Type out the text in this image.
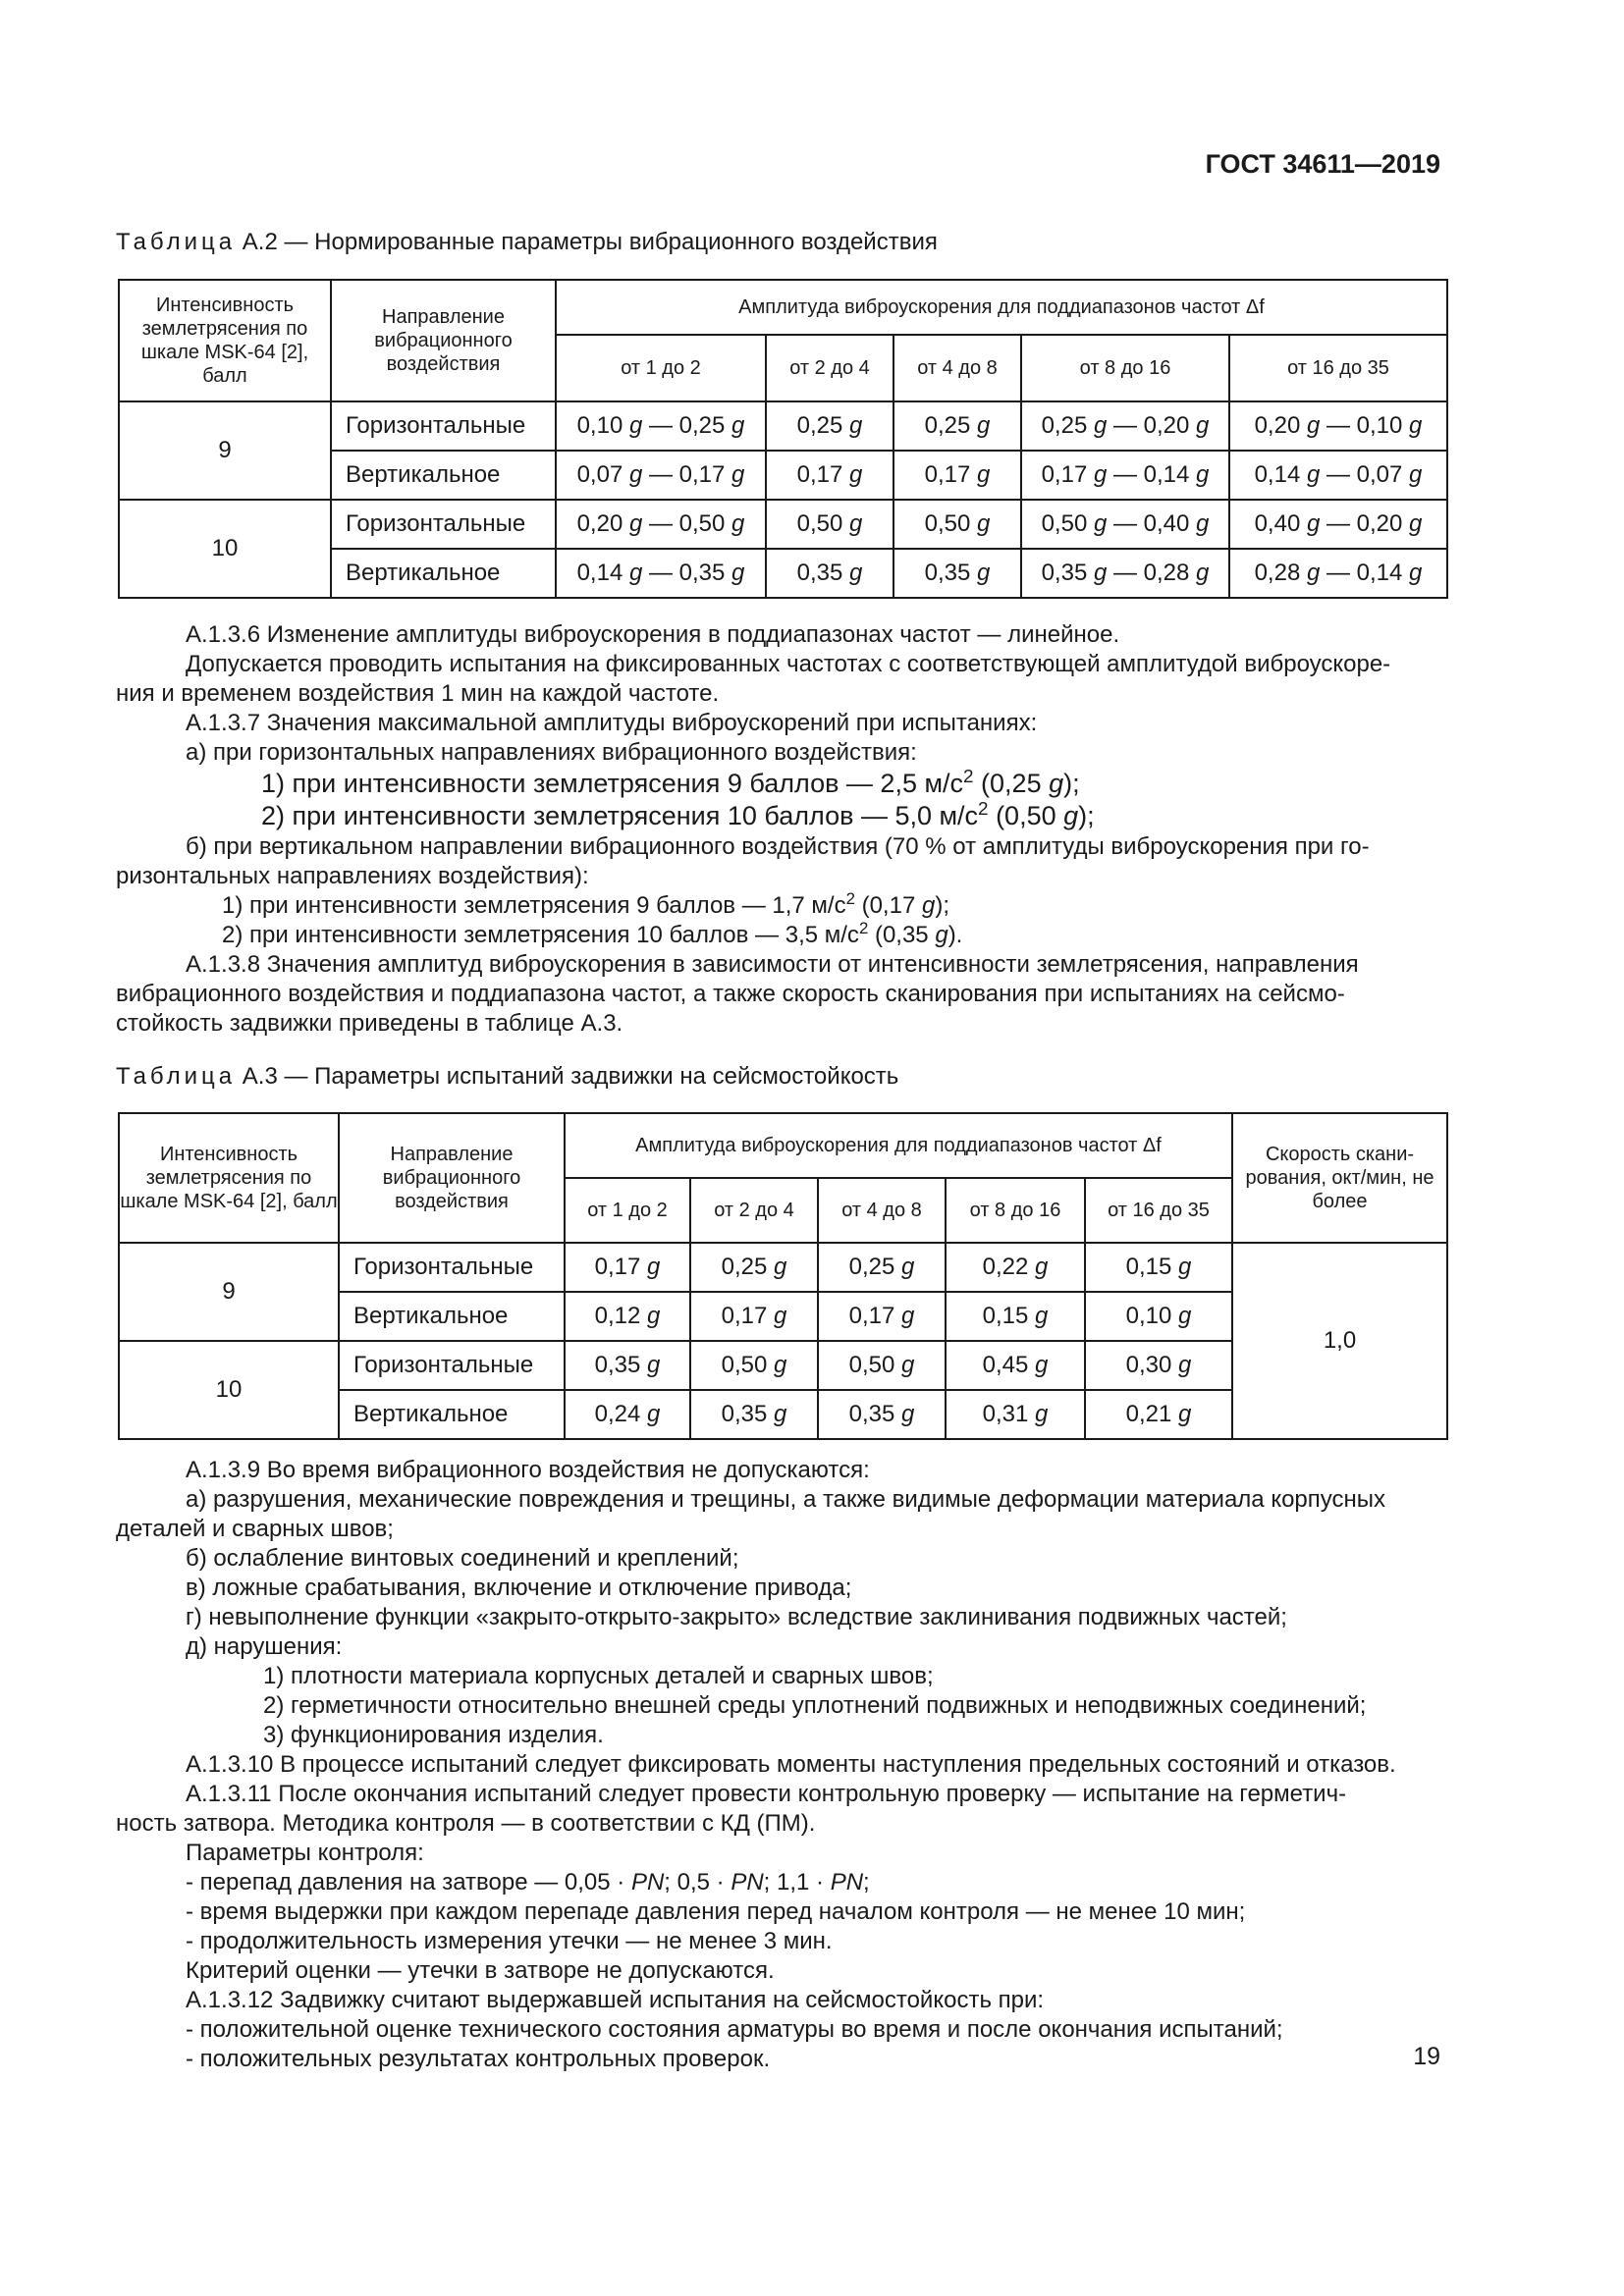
ГОСТ 34611—2019
Таблица А.2 — Нормированные параметры вибрационного воздействия
Интенсивность землетрясения по шкале MSK-64 [2], балл	Направление вибрационного воздействия	Амплитуда виброускорения для поддиапазонов частот Δf				
		от 1 до 2	от 2 до 4	от 4 до 8	от 8 до 16	от 16 до 35
9	Горизонтальные	0,10 g — 0,25 g	0,25 g	0,25 g	0,25 g — 0,20 g	0,20 g — 0,10 g
	Вертикальное	0,07 g — 0,17 g	0,17 g	0,17 g	0,17 g — 0,14 g	0,14 g — 0,07 g
10	Горизонтальные	0,20 g — 0,50 g	0,50 g	0,50 g	0,50 g — 0,40 g	0,40 g — 0,20 g
	Вертикальное	0,14 g — 0,35 g	0,35 g	0,35 g	0,35 g — 0,28 g	0,28 g — 0,14 g

А.1.3.6 Изменение амплитуды виброускорения в поддиапазонах частот — линейное.

Допускается проводить испытания на фиксированных частотах с соответствующей амплитудой виброускоре-

ния и временем воздействия 1 мин на каждой частоте.

А.1.3.7 Значения максимальной амплитуды виброускорений при испытаниях:

а) при горизонтальных направлениях вибрационного воздействия:

1) при интенсивности землетрясения 9 баллов — 2,5 $м/с^2$ (0,25 g);

2) при интенсивности землетрясения 10 баллов — 5,0 $м/с^2$ (0,50 g);

б) при вертикальном направлении вибрационного воздействия (70 % от амплитуды виброускорения при го-

ризонтальных направлениях воздействия):

1) при интенсивности землетрясения 9 баллов — 1,7 $м/с^2$ (0,17 g);

2) при интенсивности землетрясения 10 баллов — 3,5 $м/с^2$ (0,35 g).

А.1.3.8 Значения амплитуд виброускорения в зависимости от интенсивности землетрясения, направления

вибрационного воздействия и поддиапазона частот, а также скорость сканирования при испытаниях на сейсмо-

стойкость задвижки приведены в таблице А.3.

Таблица А.3 — Параметры испытаний задвижки на сейсмостойкость
Интенсивность землетрясения по шкале MSK-64 [2], балл	Направление вибрационного воздействия	Амплитуда виброускорения для поддиапазонов частот Δf					Скорость скани-рования, окт/мин, не более
		от 1 до 2	от 2 до 4	от 4 до 8	от 8 до 16	от 16 до 35	
9	Горизонтальные	0,17 g	0,25 g	0,25 g	0,22 g	0,15 g	1,0
	Вертикальное	0,12 g	0,17 g	0,17 g	0,15 g	0,10 g	
10	Горизонтальные	0,35 g	0,50 g	0,50 g	0,45 g	0,30 g	
	Вертикальное	0,24 g	0,35 g	0,35 g	0,31 g	0,21 g	

А.1.3.9 Во время вибрационного воздействия не допускаются:

а) разрушения, механические повреждения и трещины, а также видимые деформации материала корпусных

деталей и сварных швов;

б) ослабление винтовых соединений и креплений;

в) ложные срабатывания, включение и отключение привода;

г) невыполнение функции «закрыто-открыто-закрыто» вследствие заклинивания подвижных частей;

д) нарушения:

1) плотности материала корпусных деталей и сварных швов;

2) герметичности относительно внешней среды уплотнений подвижных и неподвижных соединений;

3) функционирования изделия.

А.1.3.10 В процессе испытаний следует фиксировать моменты наступления предельных состояний и отказов.

А.1.3.11 После окончания испытаний следует провести контрольную проверку — испытание на герметич-

ность затвора. Методика контроля — в соответствии с КД (ПМ).

Параметры контроля:

- перепад давления на затворе — 0,05 · PN; 0,5 · PN; 1,1 · PN;

- время выдержки при каждом перепаде давления перед началом контроля — не менее 10 мин;

- продолжительность измерения утечки — не менее 3 мин.

Критерий оценки — утечки в затворе не допускаются.

А.1.3.12 Задвижку считают выдержавшей испытания на сейсмостойкость при:

- положительной оценке технического состояния арматуры во время и после окончания испытаний;

- положительных результатах контрольных проверок.	19
